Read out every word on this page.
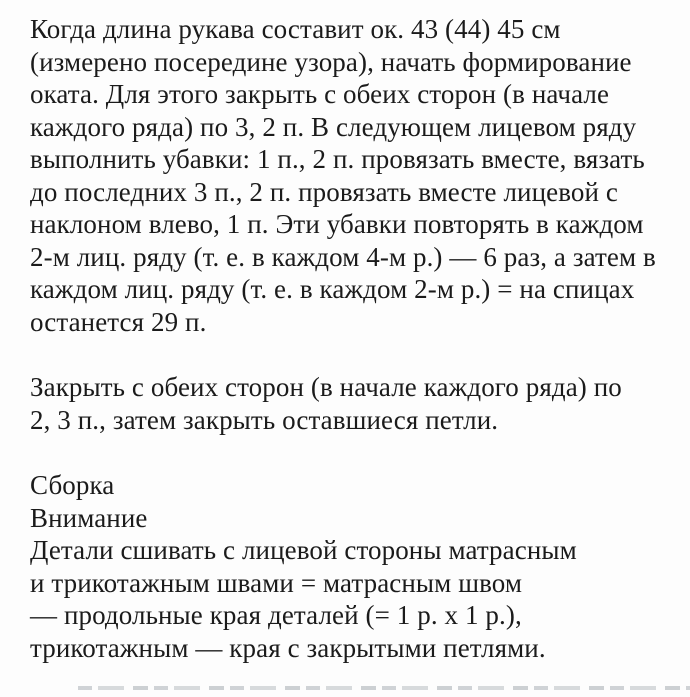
Когда длина рукава составит ок. 43 (44) 45 см
(измерено посередине узора), начать формирование
оката. Для этого закрыть с обеих сторон (в начале
каждого ряда) по 3, 2 п. В следующем лицевом ряду
выполнить убавки: 1 п., 2 п. провязать вместе, вязать
до последних 3 п., 2 п. провязать вместе лицевой с
наклоном влево, 1 п. Эти убавки повторять в каждом
2-м лиц. ряду (т. е. в каждом 4-м р.) — 6 раз, а затем в
каждом лиц. ряду (т. е. в каждом 2-м р.) = на спицах
останется 29 п.
Закрыть с обеих сторон (в начале каждого ряда) по
2, 3 п., затем закрыть оставшиеся петли.
Сборка
Внимание
Детали сшивать с лицевой стороны матрасным
и трикотажным швами = матрасным швом
— продольные края деталей (= 1 р. х 1 р.),
трикотажным — края с закрытыми петлями.
